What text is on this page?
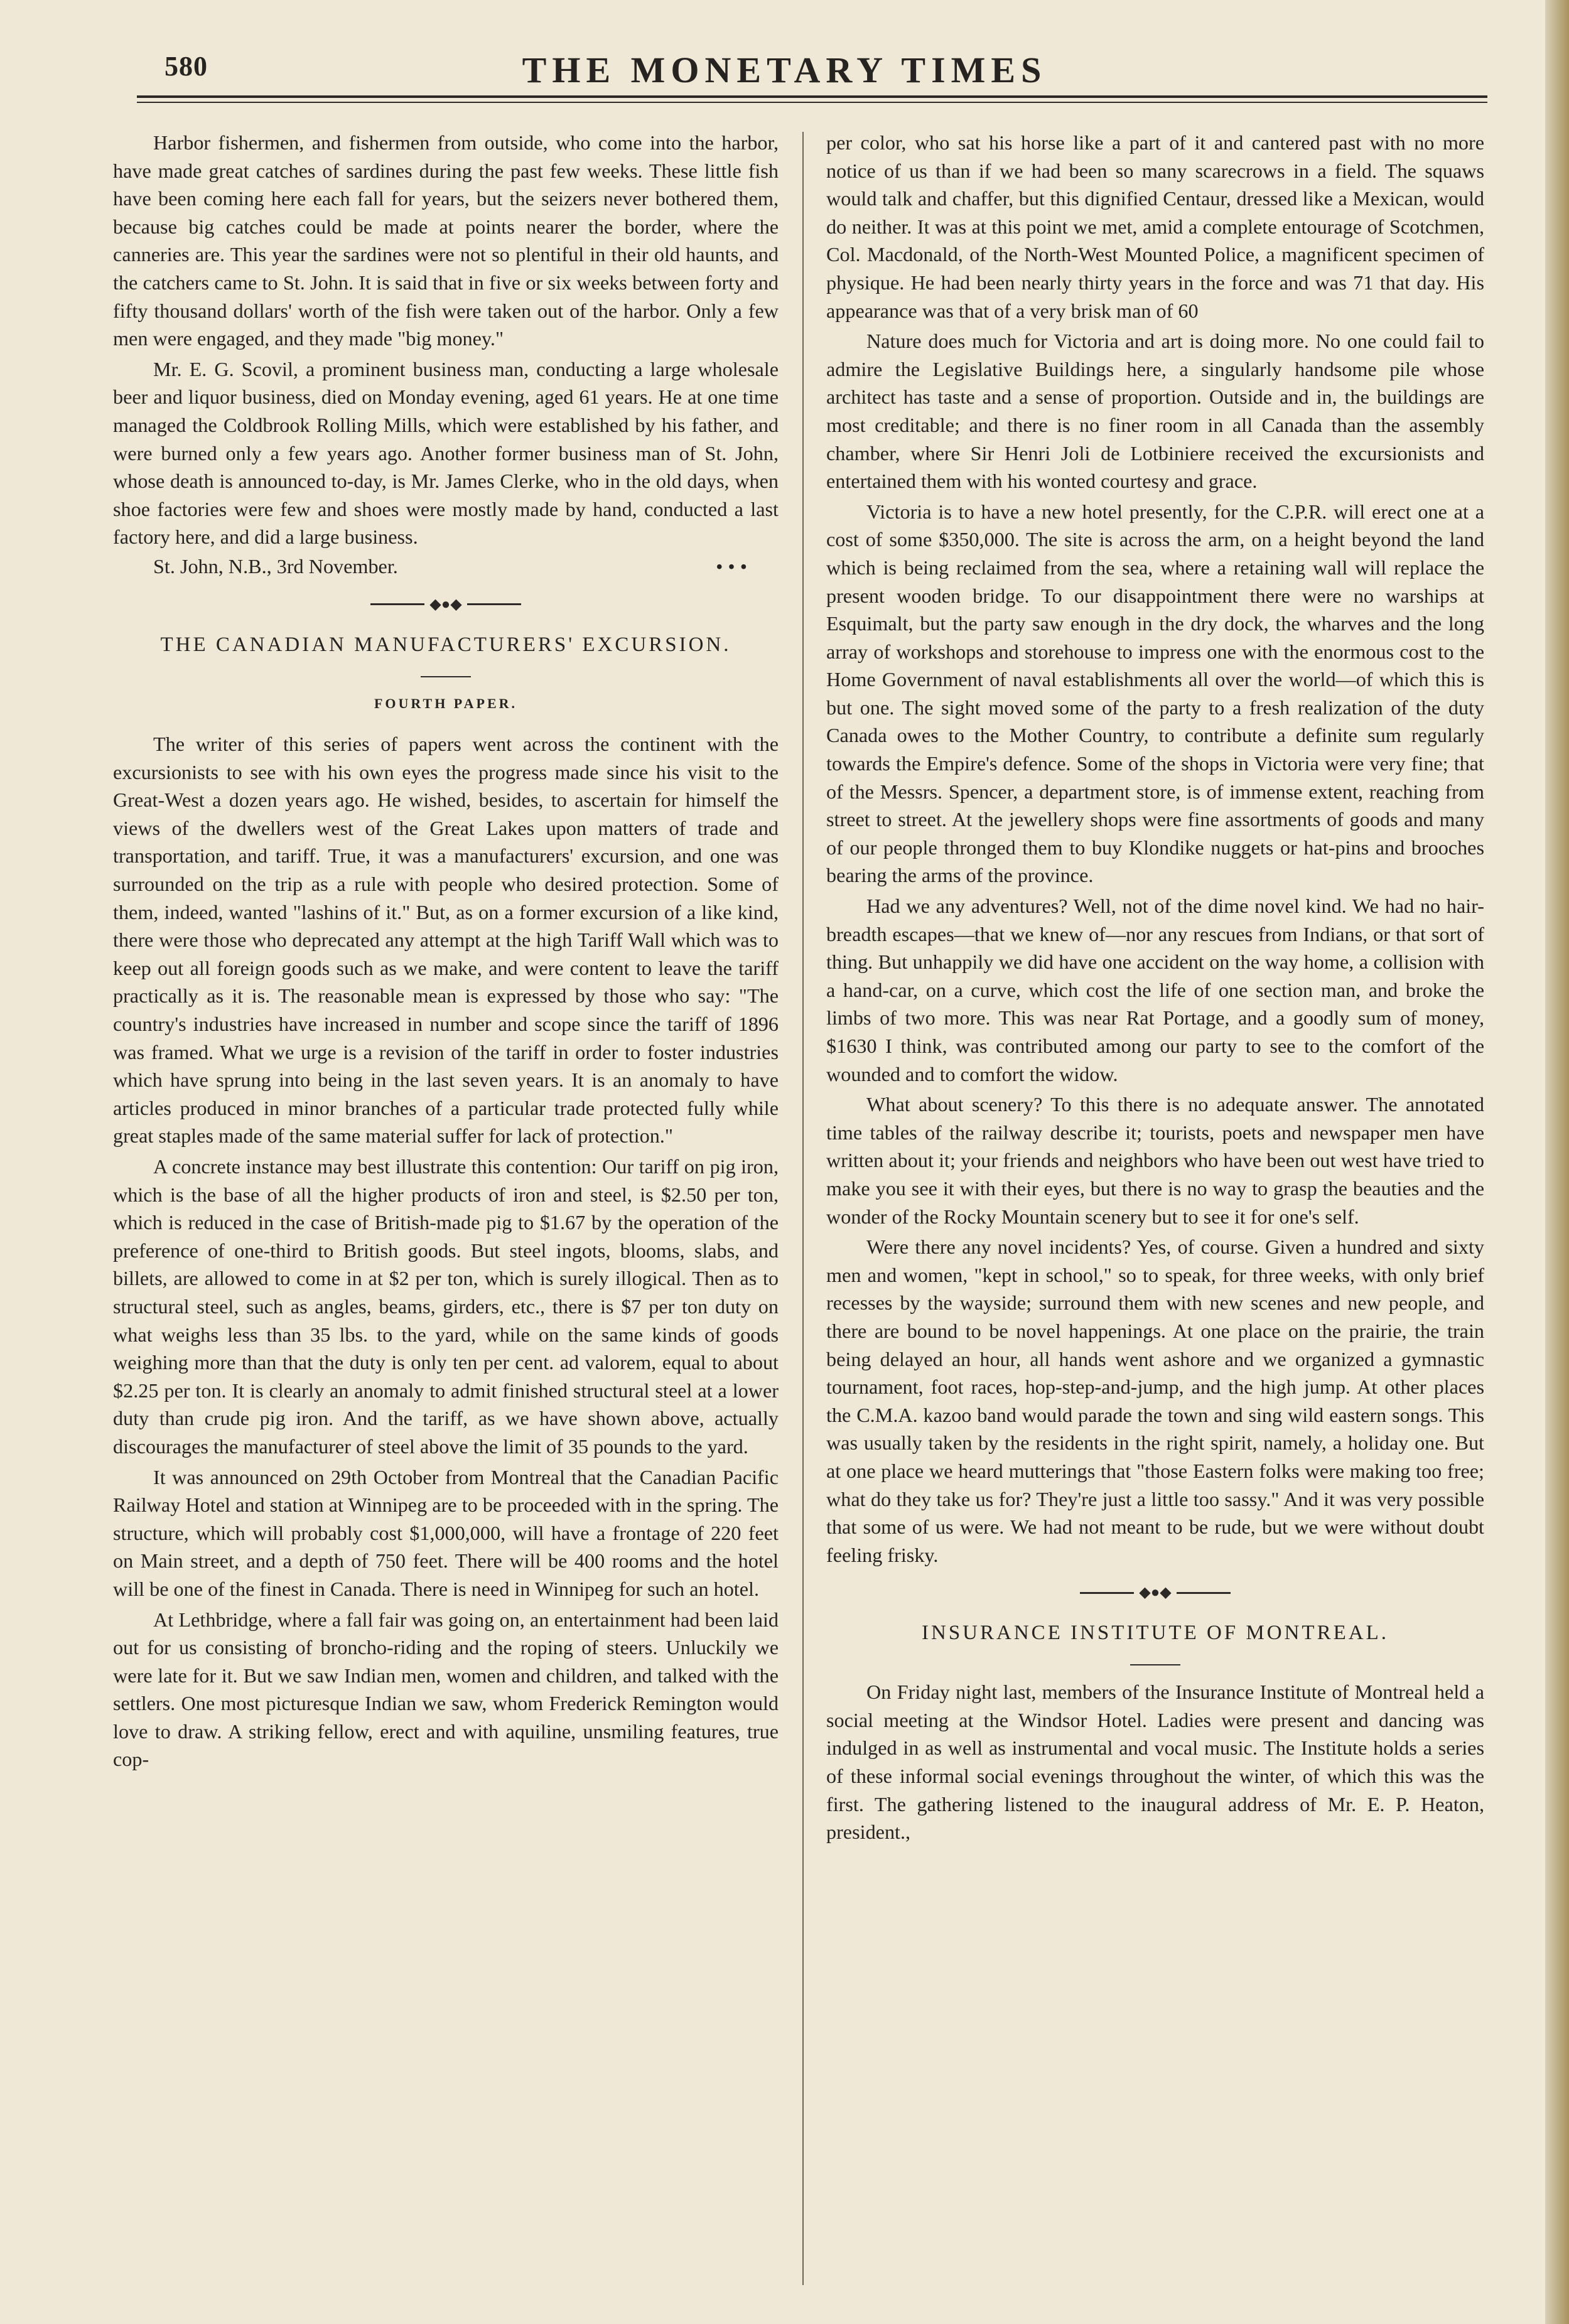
580	THE MONETARY TIMES

Harbor fishermen, and fishermen from outside, who come into the harbor, have made great catches of sardines during the past few weeks. These little fish have been coming here each fall for years, but the seizers never bothered them, because big catches could be made at points nearer the border, where the canneries are. This year the sardines were not so plentiful in their old haunts, and the catchers came to St. John. It is said that in five or six weeks between forty and fifty thousand dollars' worth of the fish were taken out of the harbor. Only a few men were engaged, and they made "big money."

Mr. E. G. Scovil, a prominent business man, conducting a large wholesale beer and liquor business, died on Monday evening, aged 61 years. He at one time managed the Coldbrook Rolling Mills, which were established by his father, and were burned only a few years ago. Another former business man of St. John, whose death is announced to-day, is Mr. James Clerke, who in the old days, when shoe factories were few and shoes were mostly made by hand, conducted a last factory here, and did a large business.

St. John, N.B., 3rd November.	• • •

◆●◆

THE CANADIAN MANUFACTURERS' EXCURSION.

FOURTH PAPER.

The writer of this series of papers went across the continent with the excursionists to see with his own eyes the progress made since his visit to the Great-West a dozen years ago. He wished, besides, to ascertain for himself the views of the dwellers west of the Great Lakes upon matters of trade and transportation, and tariff. True, it was a manufacturers' excursion, and one was surrounded on the trip as a rule with people who desired protection. Some of them, indeed, wanted "lashins of it." But, as on a former excursion of a like kind, there were those who deprecated any attempt at the high Tariff Wall which was to keep out all foreign goods such as we make, and were content to leave the tariff practically as it is. The reasonable mean is expressed by those who say: "The country's industries have increased in number and scope since the tariff of 1896 was framed. What we urge is a revision of the tariff in order to foster industries which have sprung into being in the last seven years. It is an anomaly to have articles produced in minor branches of a particular trade protected fully while great staples made of the same material suffer for lack of protection."

A concrete instance may best illustrate this contention: Our tariff on pig iron, which is the base of all the higher products of iron and steel, is $2.50 per ton, which is reduced in the case of British-made pig to $1.67 by the operation of the preference of one-third to British goods. But steel ingots, blooms, slabs, and billets, are allowed to come in at $2 per ton, which is surely illogical. Then as to structural steel, such as angles, beams, girders, etc., there is $7 per ton duty on what weighs less than 35 lbs. to the yard, while on the same kinds of goods weighing more than that the duty is only ten per cent. ad valorem, equal to about $2.25 per ton. It is clearly an anomaly to admit finished structural steel at a lower duty than crude pig iron. And the tariff, as we have shown above, actually discourages the manufacturer of steel above the limit of 35 pounds to the yard.

It was announced on 29th October from Montreal that the Canadian Pacific Railway Hotel and station at Winnipeg are to be proceeded with in the spring. The structure, which will probably cost $1,000,000, will have a frontage of 220 feet on Main street, and a depth of 750 feet. There will be 400 rooms and the hotel will be one of the finest in Canada. There is need in Winnipeg for such an hotel.

At Lethbridge, where a fall fair was going on, an entertainment had been laid out for us consisting of broncho-riding and the roping of steers. Unluckily we were late for it. But we saw Indian men, women and children, and talked with the settlers. One most picturesque Indian we saw, whom Frederick Remington would love to draw. A striking fellow, erect and with aquiline, unsmiling features, true cop-

per color, who sat his horse like a part of it and cantered past with no more notice of us than if we had been so many scarecrows in a field. The squaws would talk and chaffer, but this dignified Centaur, dressed like a Mexican, would do neither. It was at this point we met, amid a complete entourage of Scotchmen, Col. Macdonald, of the North-West Mounted Police, a magnificent specimen of physique. He had been nearly thirty years in the force and was 71 that day. His appearance was that of a very brisk man of 60

Nature does much for Victoria and art is doing more. No one could fail to admire the Legislative Buildings here, a singularly handsome pile whose architect has taste and a sense of proportion. Outside and in, the buildings are most creditable; and there is no finer room in all Canada than the assembly chamber, where Sir Henri Joli de Lotbiniere received the excursionists and entertained them with his wonted courtesy and grace.

Victoria is to have a new hotel presently, for the C.P.R. will erect one at a cost of some $350,000. The site is across the arm, on a height beyond the land which is being reclaimed from the sea, where a retaining wall will replace the present wooden bridge. To our disappointment there were no warships at Esquimalt, but the party saw enough in the dry dock, the wharves and the long array of workshops and storehouse to impress one with the enormous cost to the Home Government of naval establishments all over the world—of which this is but one. The sight moved some of the party to a fresh realization of the duty Canada owes to the Mother Country, to contribute a definite sum regularly towards the Empire's defence. Some of the shops in Victoria were very fine; that of the Messrs. Spencer, a department store, is of immense extent, reaching from street to street. At the jewellery shops were fine assortments of goods and many of our people thronged them to buy Klondike nuggets or hat-pins and brooches bearing the arms of the province.

Had we any adventures? Well, not of the dime novel kind. We had no hair-breadth escapes—that we knew of—nor any rescues from Indians, or that sort of thing. But unhappily we did have one accident on the way home, a collision with a hand-car, on a curve, which cost the life of one section man, and broke the limbs of two more. This was near Rat Portage, and a goodly sum of money, $1630 I think, was contributed among our party to see to the comfort of the wounded and to comfort the widow.

What about scenery? To this there is no adequate answer. The annotated time tables of the railway describe it; tourists, poets and newspaper men have written about it; your friends and neighbors who have been out west have tried to make you see it with their eyes, but there is no way to grasp the beauties and the wonder of the Rocky Mountain scenery but to see it for one's self.

Were there any novel incidents? Yes, of course. Given a hundred and sixty men and women, "kept in school," so to speak, for three weeks, with only brief recesses by the wayside; surround them with new scenes and new people, and there are bound to be novel happenings. At one place on the prairie, the train being delayed an hour, all hands went ashore and we organized a gymnastic tournament, foot races, hop-step-and-jump, and the high jump. At other places the C.M.A. kazoo band would parade the town and sing wild eastern songs. This was usually taken by the residents in the right spirit, namely, a holiday one. But at one place we heard mutterings that "those Eastern folks were making too free; what do they take us for? They're just a little too sassy." And it was very possible that some of us were. We had not meant to be rude, but we were without doubt feeling frisky.

◆●◆

INSURANCE INSTITUTE OF MONTREAL.

On Friday night last, members of the Insurance Institute of Montreal held a social meeting at the Windsor Hotel. Ladies were present and dancing was indulged in as well as instrumental and vocal music. The Institute holds a series of these informal social evenings throughout the winter, of which this was the first. The gathering listened to the inaugural address of Mr. E. P. Heaton, president.,
